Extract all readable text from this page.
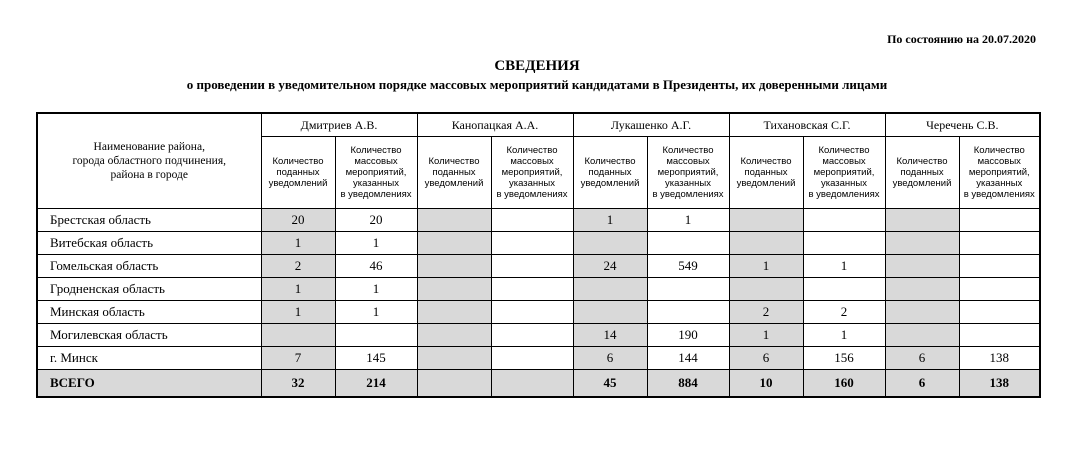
По состоянию на 20.07.2020
СВЕДЕНИЯ
о проведении в уведомительном порядке массовых мероприятий кандидатами в Президенты, их доверенными лицами
Наименование района,
города областного подчинения,
района в городе	Дмитриев А.В.		Канопацкая А.А.		Лукашенко А.Г.		Тихановская С.Г.		Черечень С.В.	
	Количество
поданных
уведомлений	Количество
массовых
мероприятий,
указанных
в уведомлениях	Количество
поданных
уведомлений	Количество
массовых
мероприятий,
указанных
в уведомлениях	Количество
поданных
уведомлений	Количество
массовых
мероприятий,
указанных
в уведомлениях	Количество
поданных
уведомлений	Количество
массовых
мероприятий,
указанных
в уведомлениях	Количество
поданных
уведомлений	Количество
массовых
мероприятий,
указанных
в уведомлениях
Брестская область	20	20			1	1				
Витебская область	1	1								
Гомельская область	2	46			24	549	1	1		
Гродненская область	1	1								
Минская область	1	1					2	2		
Могилевская область					14	190	1	1		
г. Минск	7	145			6	144	6	156	6	138
ВСЕГО	32	214			45	884	10	160	6	138
